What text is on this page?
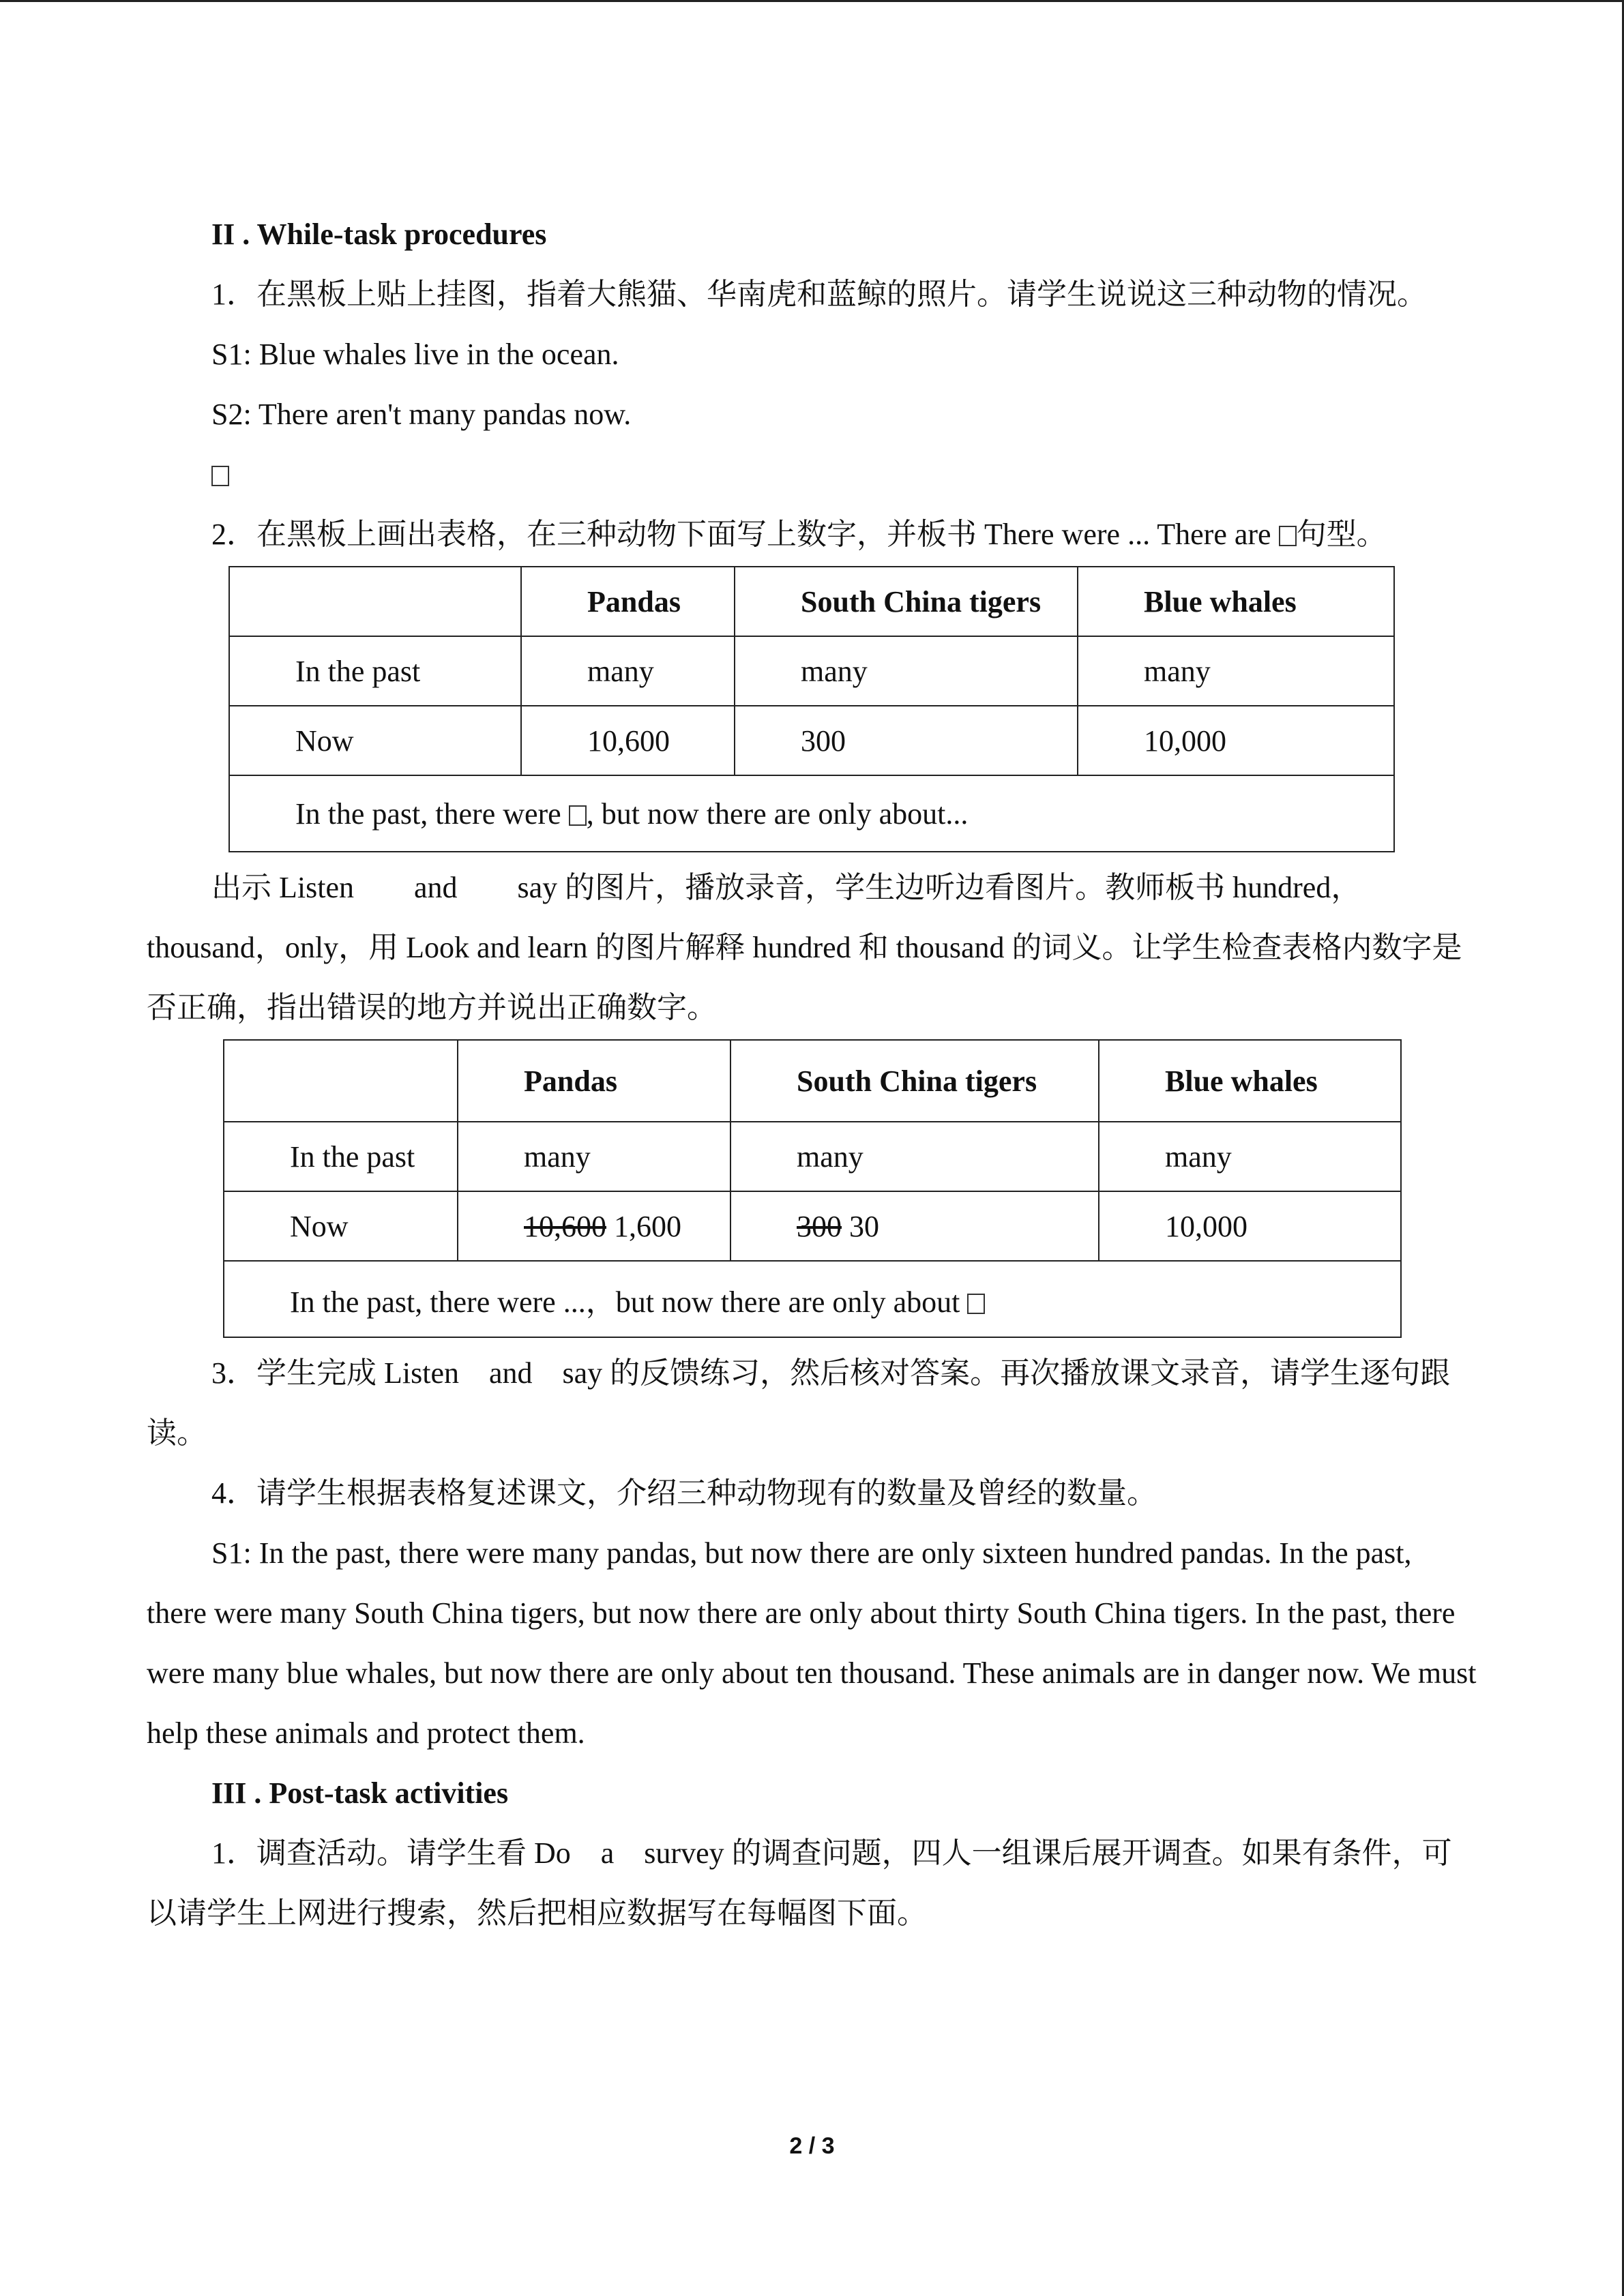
II . While-task procedures

1．在黑板上贴上挂图，指着大熊猫、华南虎和蓝鲸的照片。请学生说说这三种动物的情况。

S1: Blue whales live in the ocean.

S2: There aren't many pandas now.

2．在黑板上画出表格，在三种动物下面写上数字，并板书 There were ... There are 句型。

	Pandas	South China tigers	Blue whales
In the past	many	many	many
Now	10,600	300	10,000
In the past, there were , but now there are only about...			

出示 Listen　　and　　say 的图片，播放录音，学生边听边看图片。教师板书 hundred，thousand，only，用 Look and learn 的图片解释 hundred 和 thousand 的词义。让学生检查表格内数字是否正确，指出错误的地方并说出正确数字。

	Pandas	South China tigers	Blue whales
In the past	many	many	many
Now	10,600 1,600	300 30	10,000
In the past, there were ...，but now there are only about			

3．学生完成 Listen　and　say 的反馈练习，然后核对答案。再次播放课文录音，请学生逐句跟读。

4．请学生根据表格复述课文，介绍三种动物现有的数量及曾经的数量。

S1: In the past, there were many pandas, but now there are only sixteen hundred pandas. In the past, there were many South China tigers, but now there are only about thirty South China tigers. In the past, there were many blue whales, but now there are only about ten thousand. These animals are in danger now. We must help these animals and protect them.

III . Post-task activities

1．调查活动。请学生看 Do　a　survey 的调查问题，四人一组课后展开调查。如果有条件，可以请学生上网进行搜索，然后把相应数据写在每幅图下面。

2 / 3
